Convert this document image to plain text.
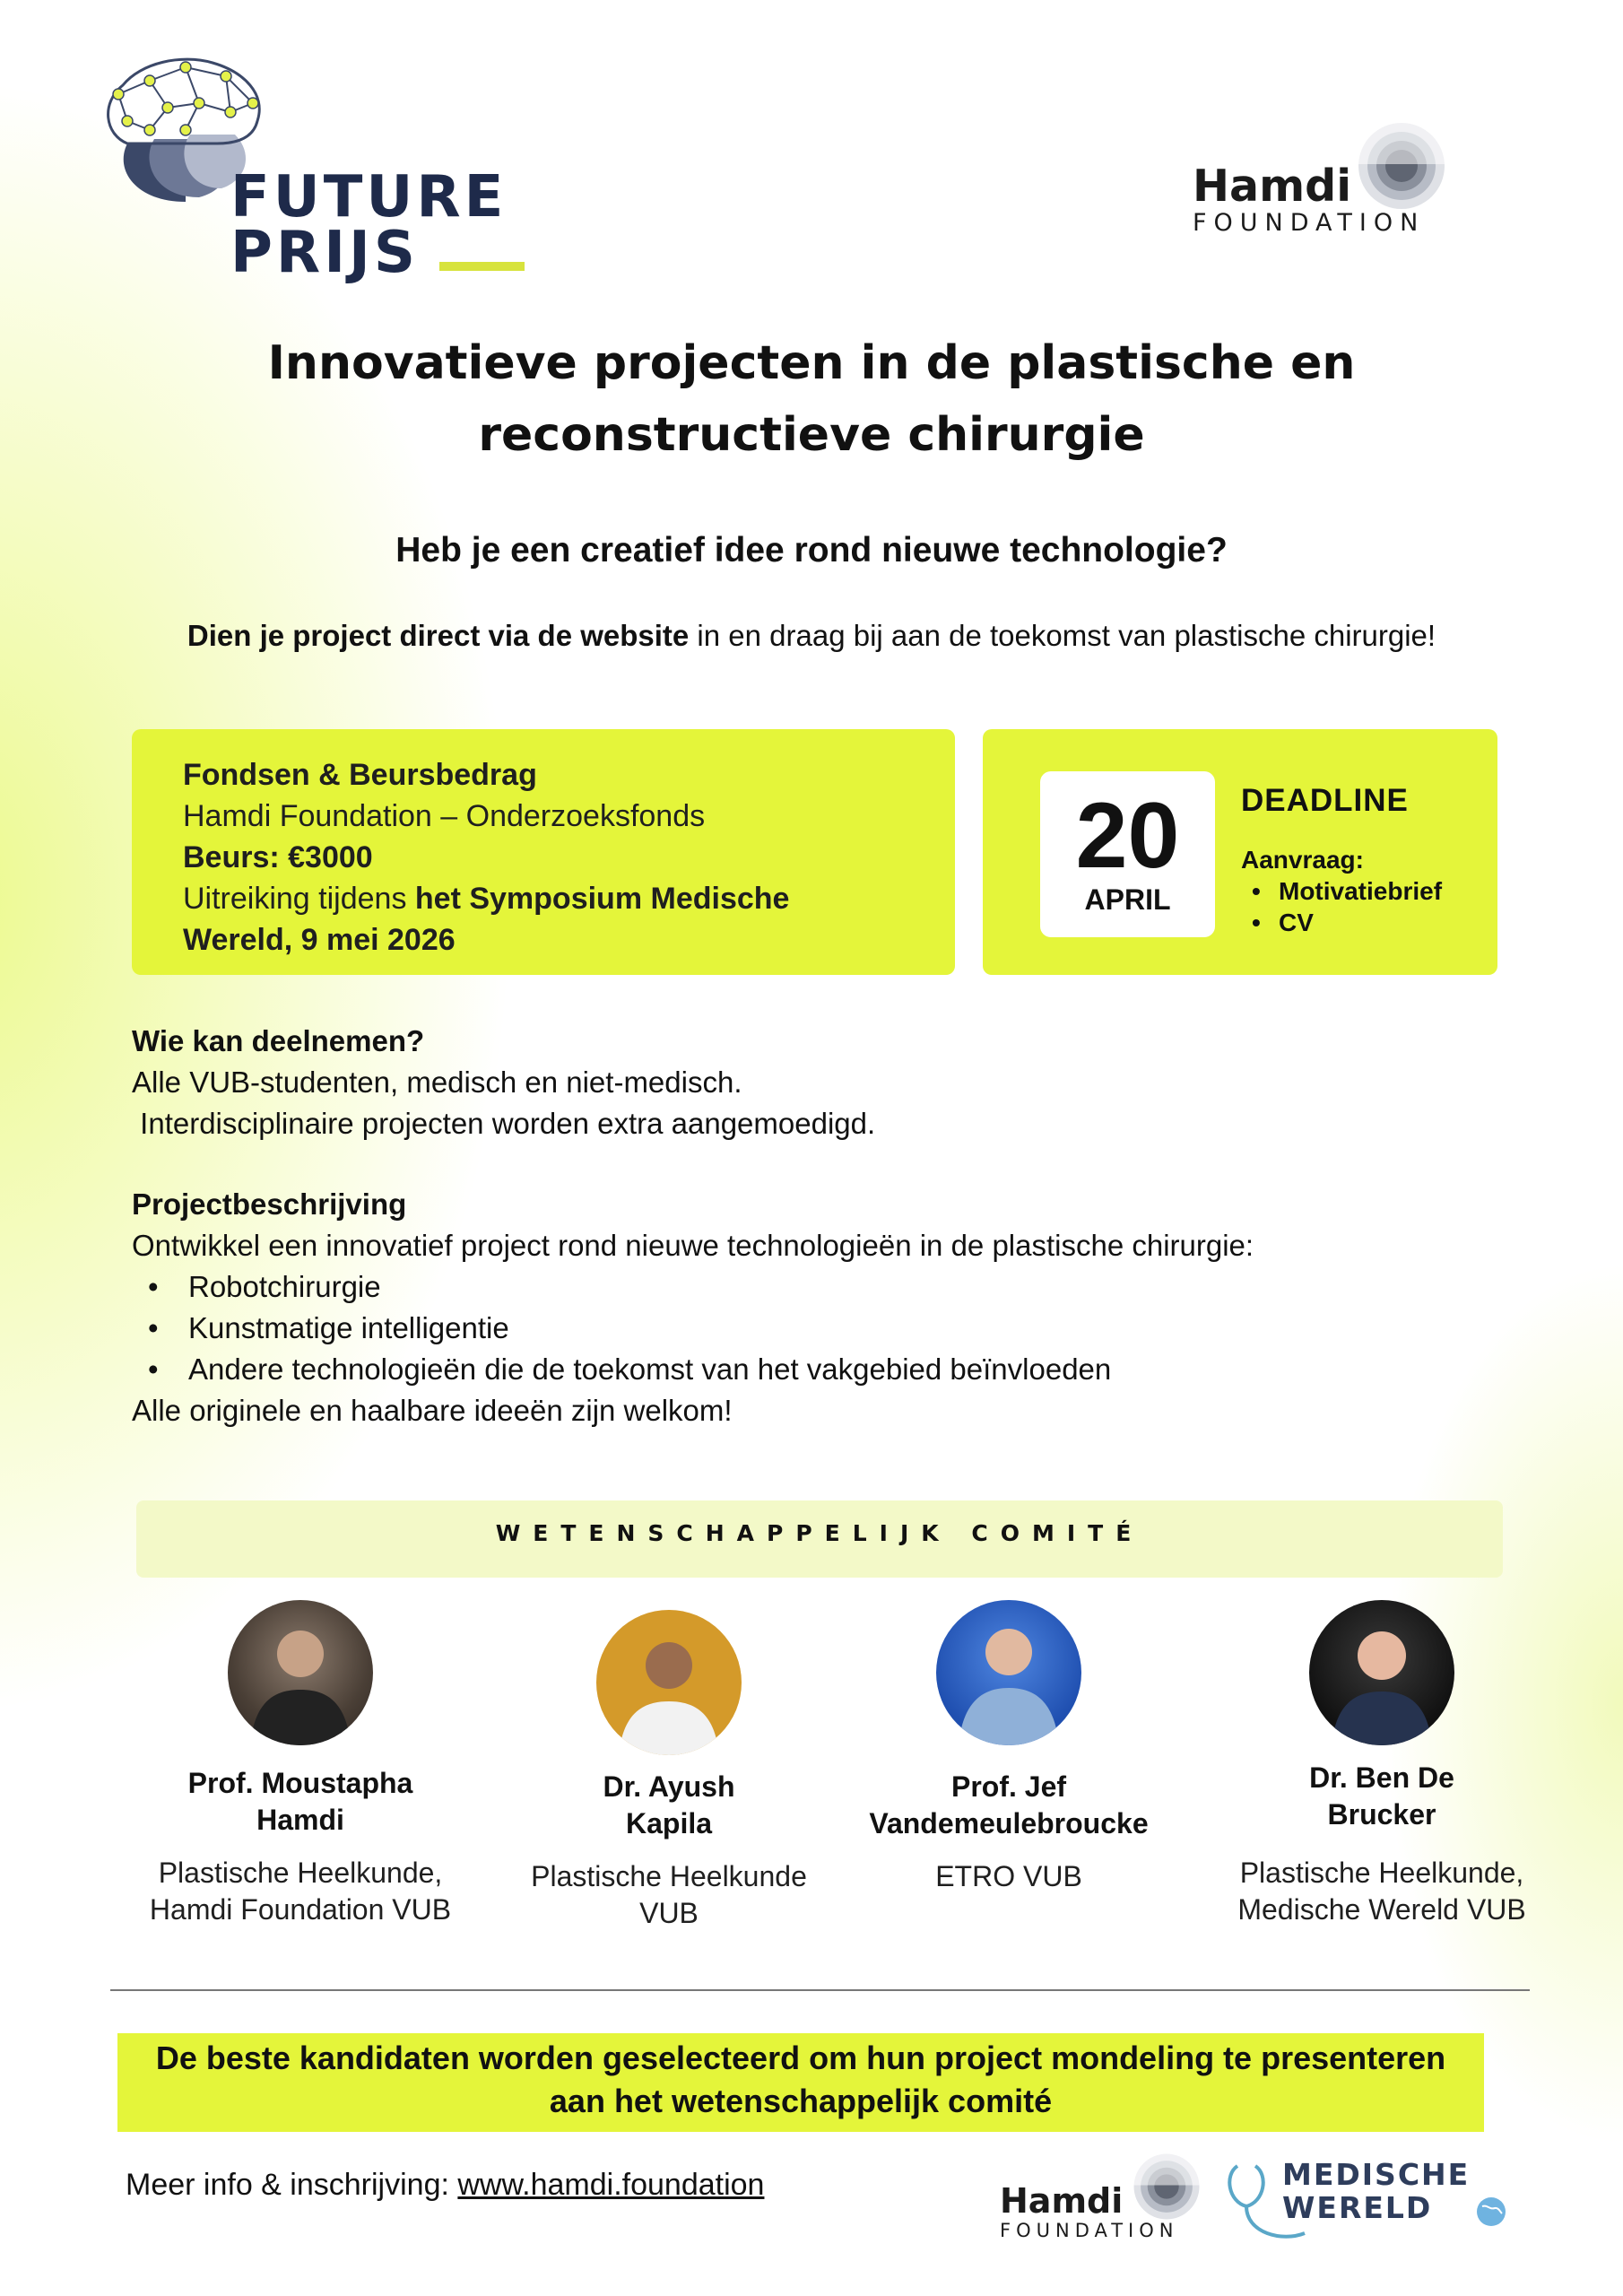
FUTURE
PRIJS
Hamdi
FOUNDATION
Innovatieve projecten in de plastische en reconstructieve chirurgie
Heb je een creatief idee rond nieuwe technologie?
Dien je project direct via de website in en draag bij aan de toekomst van plastische chirurgie!
Fondsen & Beursbedrag
Hamdi Foundation – Onderzoeksfonds
Beurs: €3000
Uitreiking tijdens het Symposium Medische
Wereld, 9 mei 2026
20
APRIL
DEADLINE
Aanvraag:
• Motivatiebrief
• CV
Wie kan deelnemen?
Alle VUB-studenten, medisch en niet-medisch.
Interdisciplinaire projecten worden extra aangemoedigd.
Projectbeschrijving
Ontwikkel een innovatief project rond nieuwe technologieën in de plastische chirurgie:
• Robotchirurgie
• Kunstmatige intelligentie
• Andere technologieën die de toekomst van het vakgebied beïnvloeden
Alle originele en haalbare ideeën zijn welkom!
WETENSCHAPPELIJK COMITÉ
Prof. Moustapha
Hamdi
Plastische Heelkunde,
Hamdi Foundation VUB
Dr. Ayush
Kapila
Plastische Heelkunde
VUB
Prof. Jef
Vandemeulebroucke
ETRO VUB
Dr. Ben De
Brucker
Plastische Heelkunde,
Medische Wereld VUB
De beste kandidaten worden geselecteerd om hun project mondeling te presenteren
aan het wetenschappelijk comité
Meer info & inschrijving: www.hamdi.foundation	Hamdi
FOUNDATION
MEDISCHE
WERELD
